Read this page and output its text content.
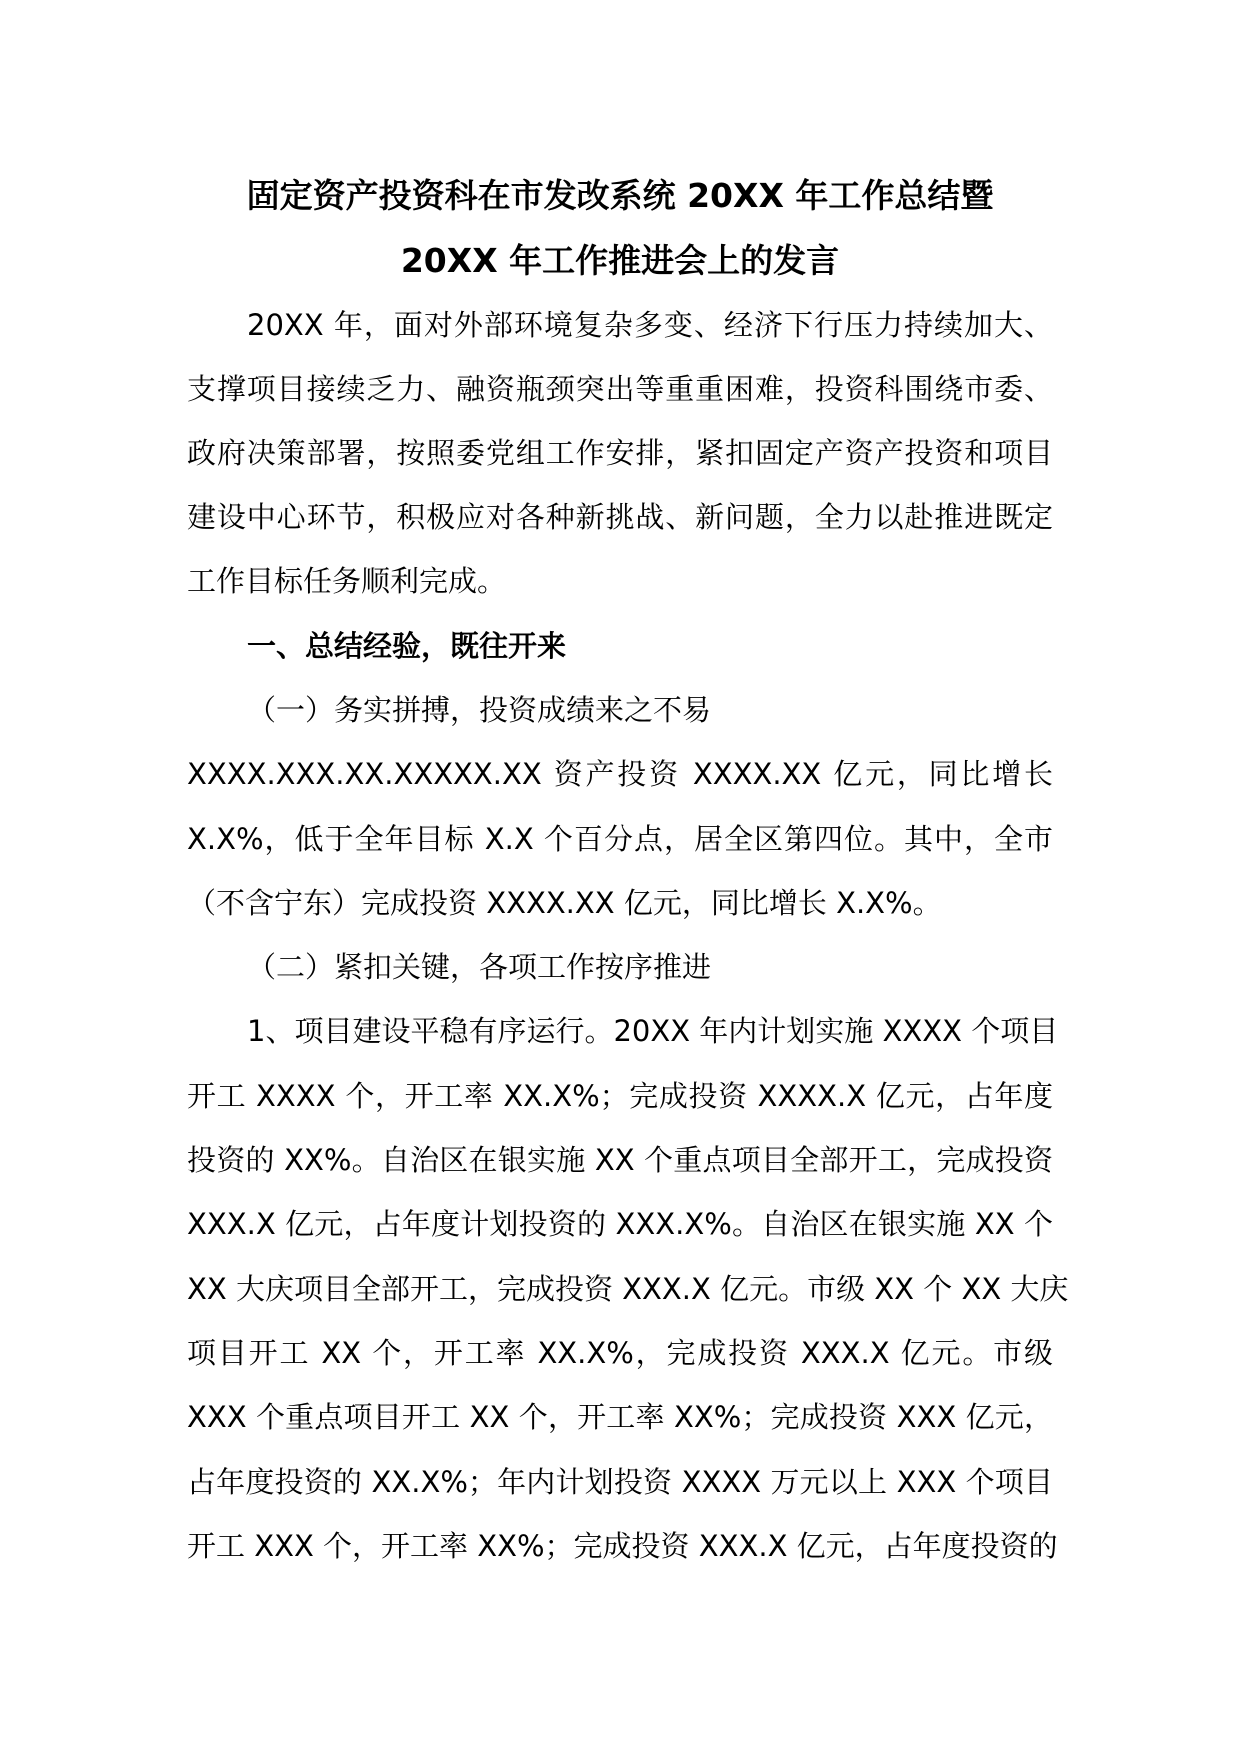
固定资产投资科在市发改系统 20XX 年工作总结暨
20XX 年工作推进会上的发言
20XX 年，面对外部环境复杂多变、经济下行压力持续加大、
支撑项目接续乏力、融资瓶颈突出等重重困难，投资科围绕市委、
政府决策部署，按照委党组工作安排，紧扣固定产资产投资和项目
建设中心环节，积极应对各种新挑战、新问题，全力以赴推进既定
工作目标任务顺利完成。
一、总结经验，既往开来
（一）务实拼搏，投资成绩来之不易
XXXX.XXX.XX.XXXXX.XX 资产投资 XXXX.XX 亿元，同比增长
X.X%，低于全年目标 X.X 个百分点，居全区第四位。其中，全市
（不含宁东）完成投资 XXXX.XX 亿元，同比增长 X.X%。
（二）紧扣关键，各项工作按序推进
1、项目建设平稳有序运行。20XX 年内计划实施 XXXX 个项目
开工 XXXX 个，开工率 XX.X%；完成投资 XXXX.X 亿元，占年度
投资的 XX%。自治区在银实施 XX 个重点项目全部开工，完成投资
XXX.X 亿元，占年度计划投资的 XXX.X%。自治区在银实施 XX 个
XX 大庆项目全部开工，完成投资 XXX.X 亿元。市级 XX 个 XX 大庆
项目开工 XX 个，开工率 XX.X%，完成投资 XXX.X 亿元。市级
XXX 个重点项目开工 XX 个，开工率 XX%；完成投资 XXX 亿元，
占年度投资的 XX.X%；年内计划投资 XXXX 万元以上 XXX 个项目
开工 XXX 个，开工率 XX%；完成投资 XXX.X 亿元，占年度投资的
